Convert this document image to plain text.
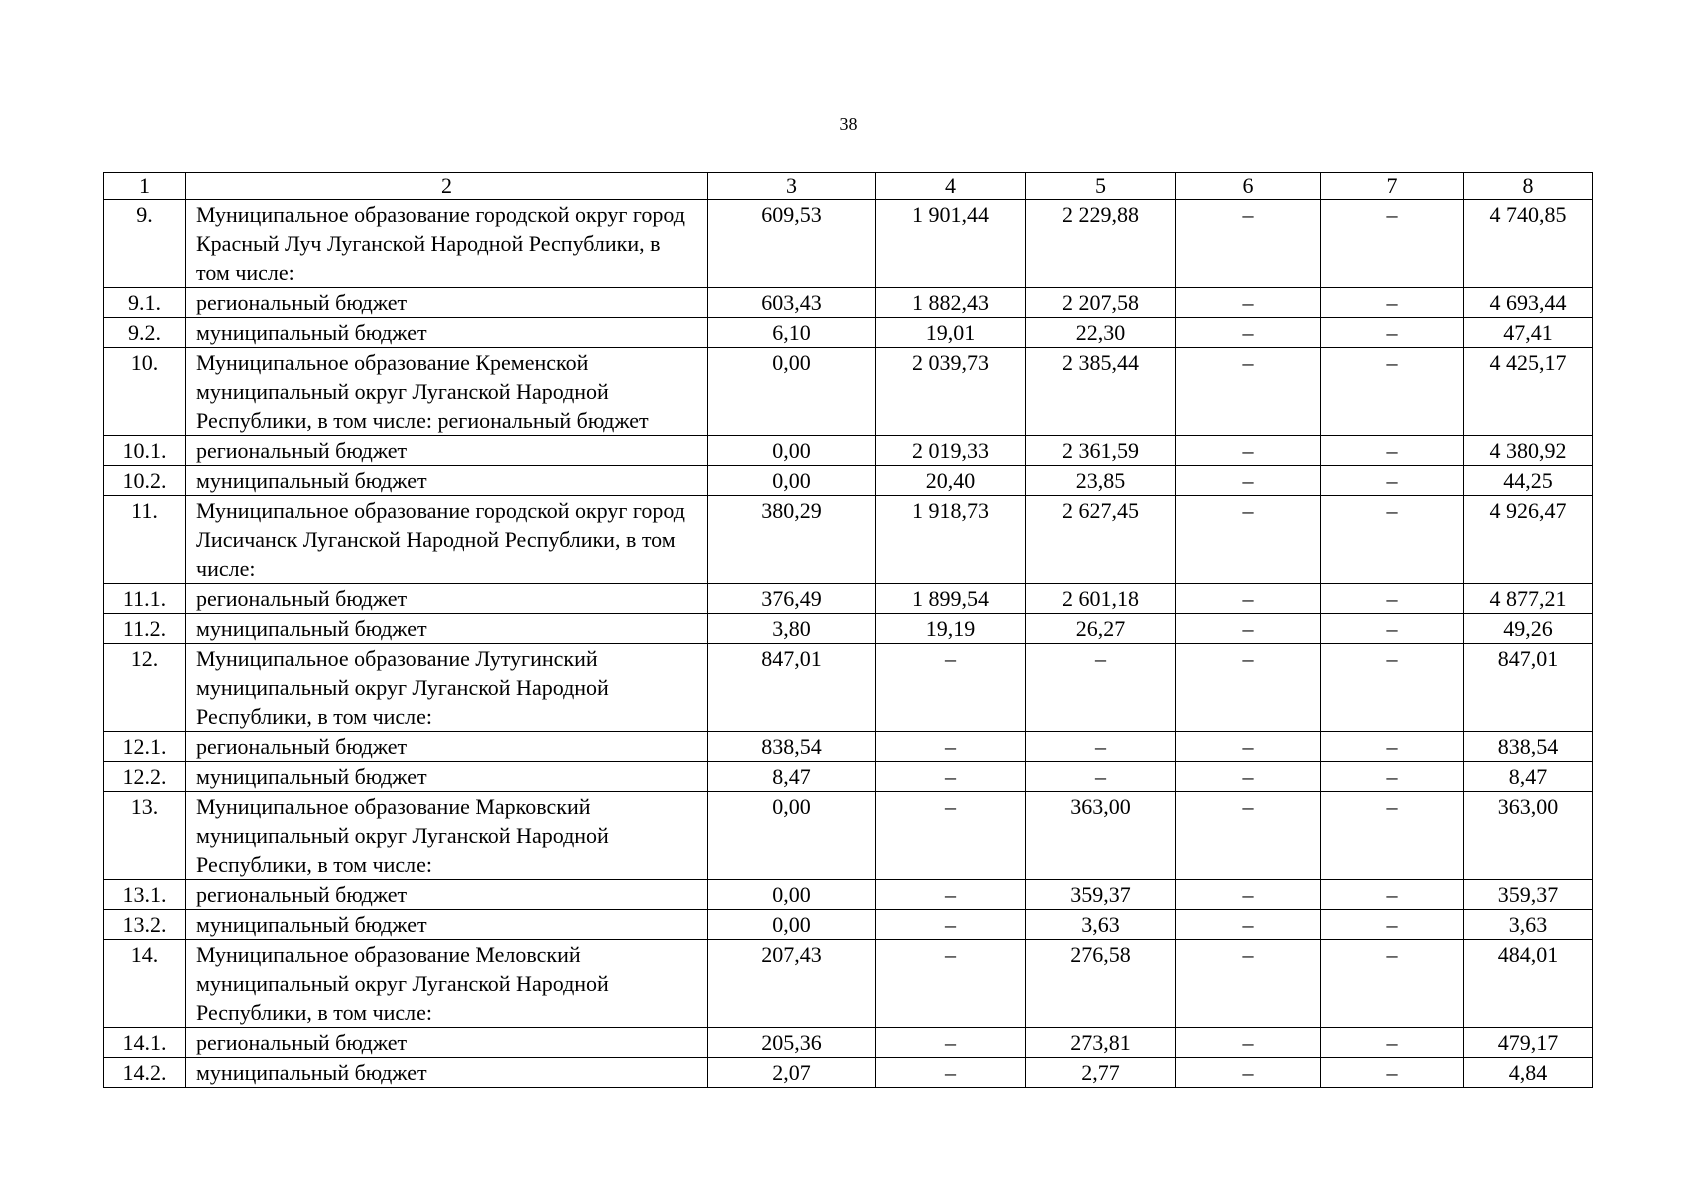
38
1	2	3	4	5	6	7	8
9.	Муниципальное образование городской округ город Красный Луч Луганской Народной Республики, в том числе:	609,53	1 901,44	2 229,88	–	–	4 740,85
9.1.	региональный бюджет	603,43	1 882,43	2 207,58	–	–	4 693,44
9.2.	муниципальный бюджет	6,10	19,01	22,30	–	–	47,41
10.	Муниципальное образование Кременской муниципальный округ Луганской Народной Республики, в том числе: региональный бюджет	0,00	2 039,73	2 385,44	–	–	4 425,17
10.1.	региональный бюджет	0,00	2 019,33	2 361,59	–	–	4 380,92
10.2.	муниципальный бюджет	0,00	20,40	23,85	–	–	44,25
11.	Муниципальное образование городской округ город Лисичанск Луганской Народной Республики, в том числе:	380,29	1 918,73	2 627,45	–	–	4 926,47
11.1.	региональный бюджет	376,49	1 899,54	2 601,18	–	–	4 877,21
11.2.	муниципальный бюджет	3,80	19,19	26,27	–	–	49,26
12.	Муниципальное образование Лутугинский муниципальный округ Луганской Народной Республики, в том числе:	847,01	–	–	–	–	847,01
12.1.	региональный бюджет	838,54	–	–	–	–	838,54
12.2.	муниципальный бюджет	8,47	–	–	–	–	8,47
13.	Муниципальное образование Марковский муниципальный округ Луганской Народной Республики, в том числе:	0,00	–	363,00	–	–	363,00
13.1.	региональный бюджет	0,00	–	359,37	–	–	359,37
13.2.	муниципальный бюджет	0,00	–	3,63	–	–	3,63
14.	Муниципальное образование Меловский муниципальный округ Луганской Народной Республики, в том числе:	207,43	–	276,58	–	–	484,01
14.1.	региональный бюджет	205,36	–	273,81	–	–	479,17
14.2.	муниципальный бюджет	2,07	–	2,77	–	–	4,84
